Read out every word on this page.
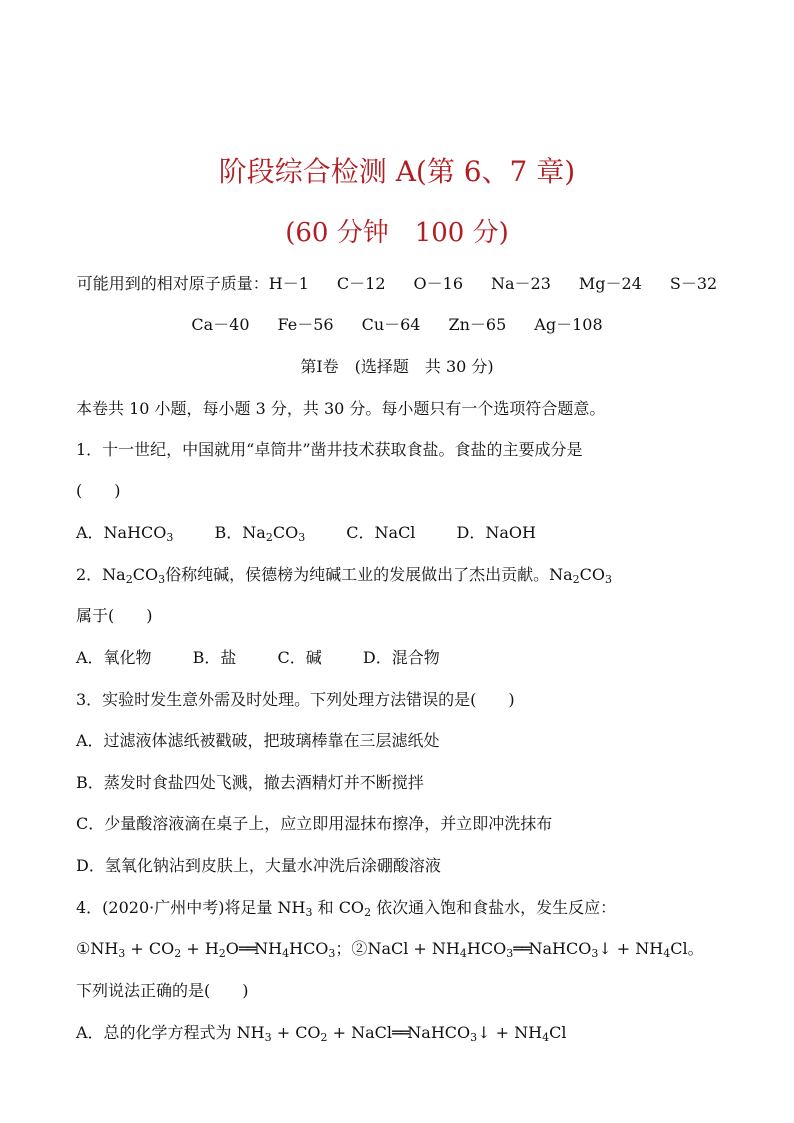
阶段综合检测 A(第 6、7 章)
(60 分钟　100 分)
可能用到的相对原子质量：H－1 C－12 O－16 Na－23 Mg－24 S－32
Ca－40 Fe－56 Cu－64 Zn－65 Ag－108
第Ⅰ卷　(选择题　共 30 分)
本卷共 10 小题，每小题 3 分，共 30 分。每小题只有一个选项符合题意。
1．十一世纪，中国就用“卓筒井”凿井技术获取食盐。食盐的主要成分是
(　　)
A．NaHCO$_3$	B．$Na_2CO_3$	C．NaCl	D．NaOH
2．$Na_2CO_3$俗称纯碱，侯德榜为纯碱工业的发展做出了杰出贡献。$Na_2CO_3$
属于(　　)
A．氧化物	B．盐	C．碱	D．混合物
3．实验时发生意外需及时处理。下列处理方法错误的是(　　)
A．过滤液体滤纸被戳破，把玻璃棒靠在三层滤纸处
B．蒸发时食盐四处飞溅，撤去酒精灯并不断搅拌
C．少量酸溶液滴在桌子上，应立即用湿抹布擦净，并立即冲洗抹布
D．氢氧化钠沾到皮肤上，大量水冲洗后涂硼酸溶液
4．(2020·广州中考)将足量 $NH_3$ 和 $CO_2$ 依次通入饱和食盐水，发生反应：
$①NH_3 + CO_2$ + $H_2O══NH_4HCO_3$；②NaCl + $NH_4HCO_3══NaHCO_3↓ + NH_4Cl$。
下列说法正确的是(　　)
A．总的化学方程式为 $NH_3 + CO_2$ + NaCl══NaHCO$_3$↓ + $NH_4Cl$
